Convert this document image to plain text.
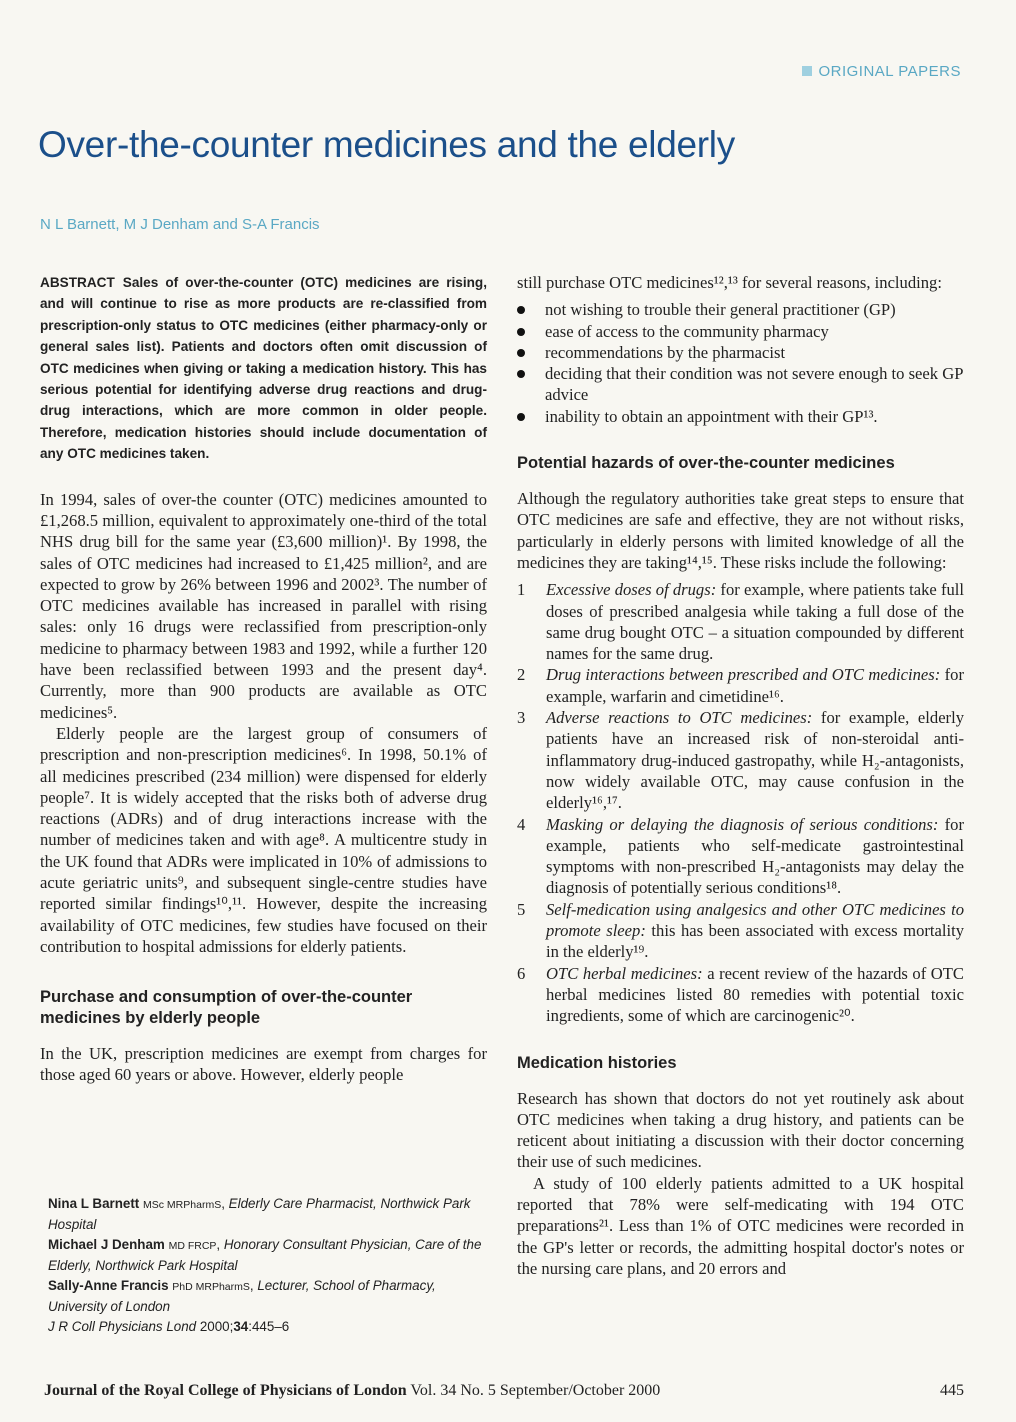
ORIGINAL PAPERS
Over-the-counter medicines and the elderly
N L Barnett, M J Denham and S-A Francis

ABSTRACT Sales of over-the-counter (OTC) medicines are rising, and will continue to rise as more products are re-classified from prescription-only status to OTC medicines (either pharmacy-only or general sales list). Patients and doctors often omit discussion of OTC medicines when giving or taking a medication history. This has serious potential for identifying adverse drug reactions and drug-drug interactions, which are more common in older people. Therefore, medication histories should include documentation of any OTC medicines taken.

In 1994, sales of over-the counter (OTC) medicines amounted to £1,268.5 million, equivalent to approximately one-third of the total NHS drug bill for the same year (£3,600 million)¹. By 1998, the sales of OTC medicines had increased to £1,425 million², and are expected to grow by 26% between 1996 and 2002³. The number of OTC medicines available has increased in parallel with rising sales: only 16 drugs were reclassified from prescription-only medicine to pharmacy between 1983 and 1992, while a further 120 have been reclassified between 1993 and the present day⁴. Currently, more than 900 products are available as OTC medicines⁵.

Elderly people are the largest group of consumers of prescription and non-prescription medicines⁶. In 1998, 50.1% of all medicines prescribed (234 million) were dispensed for elderly people⁷. It is widely accepted that the risks both of adverse drug reactions (ADRs) and of drug interactions increase with the number of medicines taken and with age⁸. A multicentre study in the UK found that ADRs were implicated in 10% of admissions to acute geriatric units⁹, and subsequent single-centre studies have reported similar findings¹⁰,¹¹. However, despite the increasing availability of OTC medicines, few studies have focused on their contribution to hospital admissions for elderly patients.

Purchase and consumption of over-the-counter medicines by elderly people

In the UK, prescription medicines are exempt from charges for those aged 60 years or above. However, elderly people

Nina L Barnett MSc MRPharmS, Elderly Care Pharmacist, Northwick Park Hospital
Michael J Denham MD FRCP, Honorary Consultant Physician, Care of the Elderly, Northwick Park Hospital
Sally-Anne Francis PhD MRPharmS, Lecturer, School of Pharmacy, University of London
J R Coll Physicians Lond 2000;34:445–6

still purchase OTC medicines¹²,¹³ for several reasons, including:

not wishing to trouble their general practitioner (GP)
ease of access to the community pharmacy
recommendations by the pharmacist
deciding that their condition was not severe enough to seek GP advice
inability to obtain an appointment with their GP¹³.
Potential hazards of over-the-counter medicines

Although the regulatory authorities take great steps to ensure that OTC medicines are safe and effective, they are not without risks, particularly in elderly persons with limited knowledge of all the medicines they are taking¹⁴,¹⁵. These risks include the following:

1 Excessive doses of drugs: for example, where patients take full doses of prescribed analgesia while taking a full dose of the same drug bought OTC – a situation compounded by different names for the same drug.
2 Drug interactions between prescribed and OTC medicines: for example, warfarin and cimetidine¹⁶.
3 Adverse reactions to OTC medicines: for example, elderly patients have an increased risk of non-steroidal anti-inflammatory drug-induced gastropathy, while H₂-antagonists, now widely available OTC, may cause confusion in the elderly¹⁶,¹⁷.
4 Masking or delaying the diagnosis of serious conditions: for example, patients who self-medicate gastrointestinal symptoms with non-prescribed H₂-antagonists may delay the diagnosis of potentially serious conditions¹⁸.
5 Self-medication using analgesics and other OTC medicines to promote sleep: this has been associated with excess mortality in the elderly¹⁹.
6 OTC herbal medicines: a recent review of the hazards of OTC herbal medicines listed 80 remedies with potential toxic ingredients, some of which are carcinogenic²⁰.
Medication histories

Research has shown that doctors do not yet routinely ask about OTC medicines when taking a drug history, and patients can be reticent about initiating a discussion with their doctor concerning their use of such medicines.

A study of 100 elderly patients admitted to a UK hospital reported that 78% were self-medicating with 194 OTC preparations²¹. Less than 1% of OTC medicines were recorded in the GP's letter or records, the admitting hospital doctor's notes or the nursing care plans, and 20 errors and

Journal of the Royal College of Physicians of London Vol. 34 No. 5 September/October 2000	445
